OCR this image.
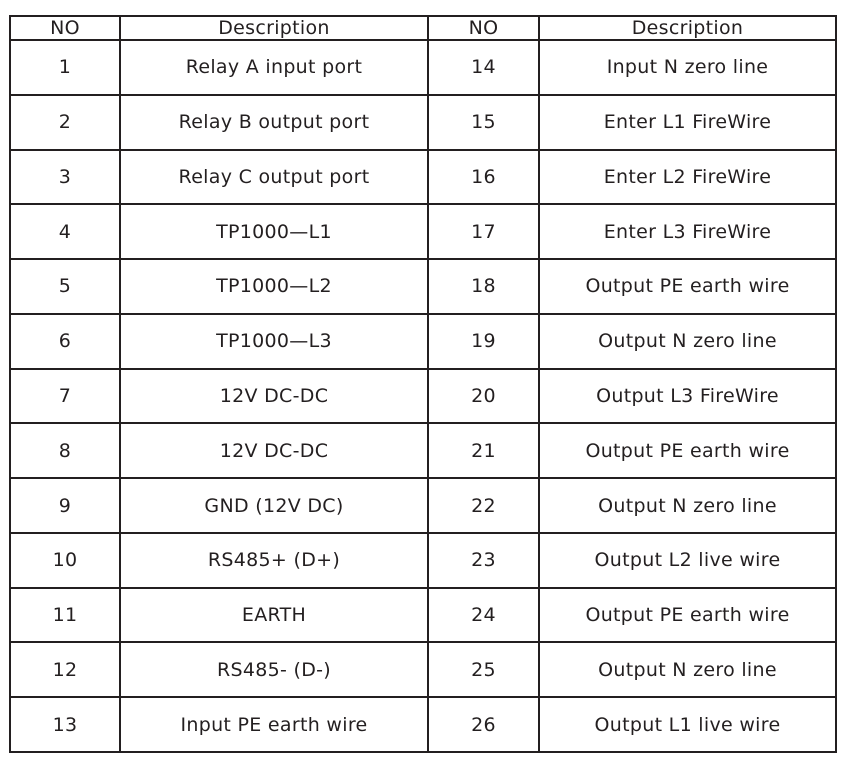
NO	Description	NO	Description
1	Relay A input port	14	Input N zero line
2	Relay B output port	15	Enter L1 FireWire
3	Relay C output port	16	Enter L2 FireWire
4	TP1000—L1	17	Enter L3 FireWire
5	TP1000—L2	18	Output PE earth wire
6	TP1000—L3	19	Output N zero line
7	12V DC-DC	20	Output L3 FireWire
8	12V DC-DC	21	Output PE earth wire
9	GND (12V DC)	22	Output N zero line
10	RS485+ (D+)	23	Output L2 live wire
11	EARTH	24	Output PE earth wire
12	RS485- (D-)	25	Output N zero line
13	Input PE earth wire	26	Output L1 live wire
